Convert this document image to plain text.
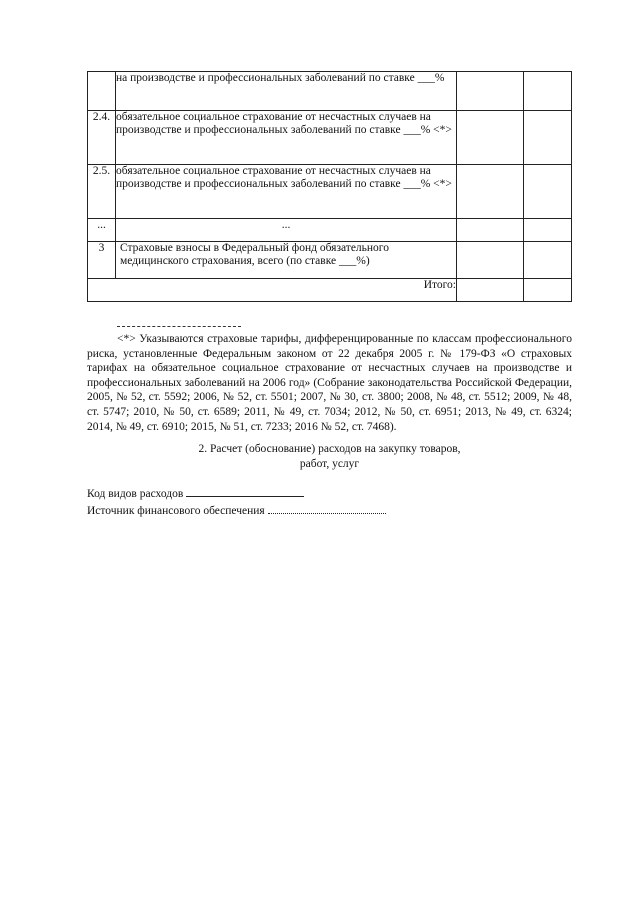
	на производстве и профессиональных заболеваний по ставке ___%		
2.4.	обязательное социальное страхование от несчастных случаев на производстве и профессиональных заболеваний по ставке ___% <*>		
2.5.	обязательное социальное страхование от несчастных случаев на производстве и профессиональных заболеваний по ставке ___% <*>		
...	...		
3	Страховые взносы в Федеральный фонд обязательного медицинского страхования, всего (по ставке ___%)		
Итого:			
<*> Указываются страховые тарифы, дифференцированные по классам профессионального риска, установленные Федеральным законом от 22 декабря 2005 г. № 179-ФЗ «О страховых тарифах на обязательное социальное страхование от несчастных случаев на производстве и профессиональных заболеваний на 2006 год» (Собрание законодательства Российской Федерации, 2005, № 52, ст. 5592; 2006, № 52, ст. 5501; 2007, № 30, ст. 3800; 2008, № 48, ст. 5512; 2009, № 48, ст. 5747; 2010, № 50, ст. 6589; 2011, № 49, ст. 7034; 2012, № 50, ст. 6951; 2013, № 49, ст. 6324; 2014, № 49, ст. 6910; 2015, № 51, ст. 7233; 2016 № 52, ст. 7468).
2. Расчет (обоснование) расходов на закупку товаров,
работ, услуг
Код видов расходов
Источник финансового обеспечения
